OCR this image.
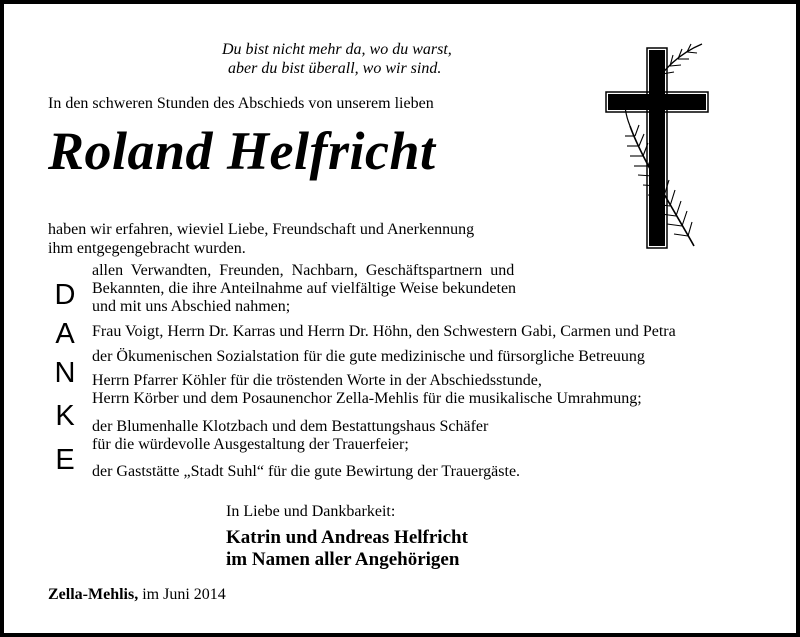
Du bist nicht mehr da, wo du warst,
aber du bist überall, wo wir sind.
In den schweren Stunden des Abschieds von unserem lieben
Roland Helfricht
haben wir erfahren, wieviel Liebe, Freundschaft und Anerkennung
ihm entgegengebracht wurden.
D
A
N
K
E
allen Verwandten, Freunden, Nachbarn, Geschäftspartnern und
Bekannten, die ihre Anteilnahme auf vielfältige Weise bekundeten
und mit uns Abschied nahmen;
Frau Voigt, Herrn Dr. Karras und Herrn Dr. Höhn, den Schwestern Gabi, Carmen und Petra
der Ökumenischen Sozialstation für die gute medizinische und fürsorgliche Betreuung
Herrn Pfarrer Köhler für die tröstenden Worte in der Abschiedsstunde,
Herrn Körber und dem Posaunenchor Zella-Mehlis für die musikalische Umrahmung;
der Blumenhalle Klotzbach und dem Bestattungshaus Schäfer
für die würdevolle Ausgestaltung der Trauerfeier;
der Gaststätte „Stadt Suhl“ für die gute Bewirtung der Trauergäste.
In Liebe und Dankbarkeit:
Katrin und Andreas Helfricht
im Namen aller Angehörigen
Zella-Mehlis, im Juni 2014
